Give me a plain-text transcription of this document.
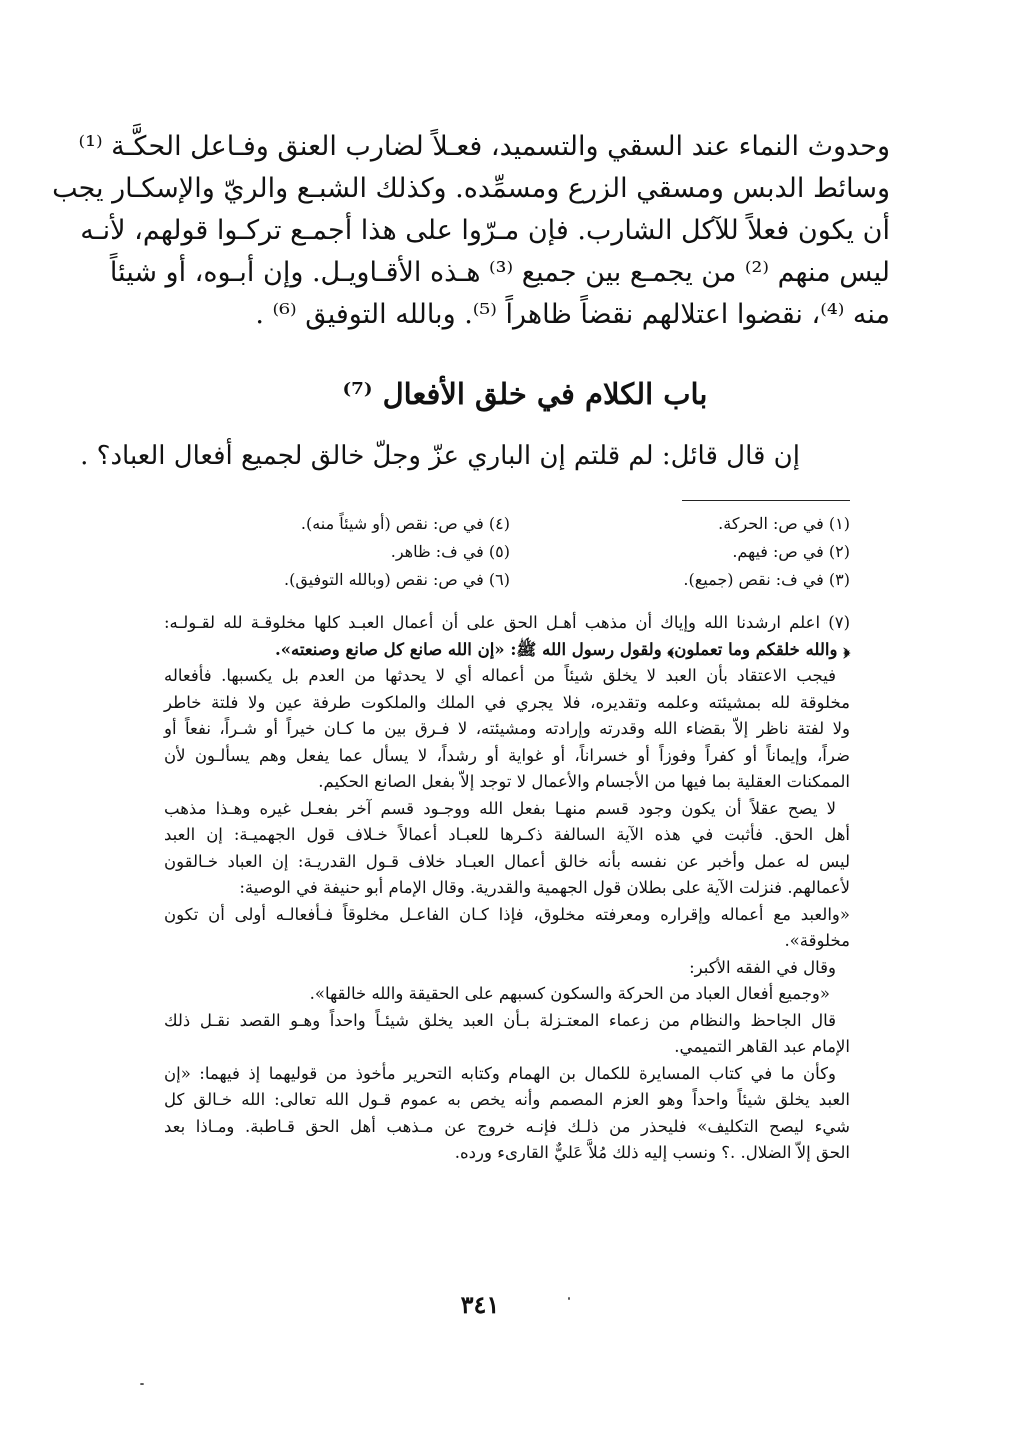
وحدوث النماء عند السقي والتسميد، فعـلاً لضارب العنق وفـاعل الحكَّـة ⁽¹⁾
وسائط الدبس ومسقي الزرع ومسمِّده. وكذلك الشبـع والريّ والإسكـار يجب
أن يكون فعلاً للآكل الشارب. فإن مـرّوا على هذا أجمـع تركـوا قولهم، لأنـه
ليس منهم ⁽²⁾ من يجمـع بين جميع ⁽³⁾ هـذه الأقـاويـل. وإن أبـوه، أو شيئاً
منه ⁽⁴⁾، نقضوا اعتلالهم نقضاً ظاهراً ⁽⁵⁾. وبالله التوفيق ⁽⁶⁾ .
باب الكلام في خلق الأفعال ⁽⁷⁾
إن قال قائل: لم قلتم إن الباري عزّ وجلّ خالق لجميع أفعال العباد؟ .
(١) في ص: الحركة.
(٤) في ص: نقص (أو شيئاً منه).
(٢) في ص: فيهم.
(٥) في ف: ظاهر.
(٣) في ف: نقص (جميع).
(٦) في ص: نقص (وبالله التوفيق).
(٧) اعلم ارشدنا الله وإياك أن مذهب أهـل الحق على أن أعمال العبـد كلها مخلوقـة لله لقـولـه:
﴿ والله خلقكم وما تعملون﴾ ولقول رسول الله ﷺ: «إن الله صانع كل صانع وصنعته».
فيجب الاعتقاد بأن العبد لا يخلق شيئاً من أعماله أي لا يحدثها من العدم بل يكسبها. فأفعاله
مخلوقة لله بمشيئته وعلمه وتقديره، فلا يجري في الملك والملكوت طرفة عين ولا فلتة خاطر
ولا لفتة ناظر إلاّ بقضاء الله وقدرته وإرادته ومشيئته، لا فـرق بين ما كـان خيراً أو شـراً، نفعاً أو
ضراً، وإيماناً أو كفراً وفوزاً أو خسراناً، أو غواية أو رشداً، لا يسأل عما يفعل وهم يسألـون لأن
الممكنات العقلية بما فيها من الأجسام والأعمال لا توجد إلاّ بفعل الصانع الحكيم.
لا يصح عقلاً أن يكون وجود قسم منهـا بفعل الله ووجـود قسم آخر بفعـل غيره وهـذا مذهب
أهل الحق. فأثبت في هذه الآية السالفة ذكـرها للعبـاد أعمالاً خـلاف قول الجهميـة: إن العبد
ليس له عمل وأخبر عن نفسه بأنه خالق أعمال العبـاد خلاف قـول القدريـة: إن العباد خـالقون
لأعمالهم. فنزلت الآية على بطلان قول الجهمية والقدرية. وقال الإمام أبو حنيفة في الوصية:
«والعبد مع أعماله وإقراره ومعرفته مخلوق، فإذا كـان الفاعـل مخلوقاً فـأفعالـه أولى أن تكون
مخلوقة».
وقال في الفقه الأكبر:
«وجميع أفعال العباد من الحركة والسكون كسبهم على الحقيقة والله خالقها».
قال الجاحظ والنظام من زعماء المعتـزلة بـأن العبد يخلق شيئـاً واحداً وهـو القصد نقـل ذلك
الإمام عبد القاهر التميمي.
وكأن ما في كتاب المسايرة للكمال بن الهمام وكتابه التحرير مأخوذ من قوليهما إذ فيهما: «إن
العبد يخلق شيئاً واحداً وهو العزم المصمم وأنه يخص به عموم قـول الله تعالى: الله خـالق كل
شيء ليصح التكليف» فليحذر من ذلـك فإنـه خروج عن مـذهب أهل الحق قـاطبة. ومـاذا بعد
الحق إلاّ الضلال. .؟ ونسب إليه ذلك مُلاَّ عَليٌّ القارىء ورده.
٣٤١
